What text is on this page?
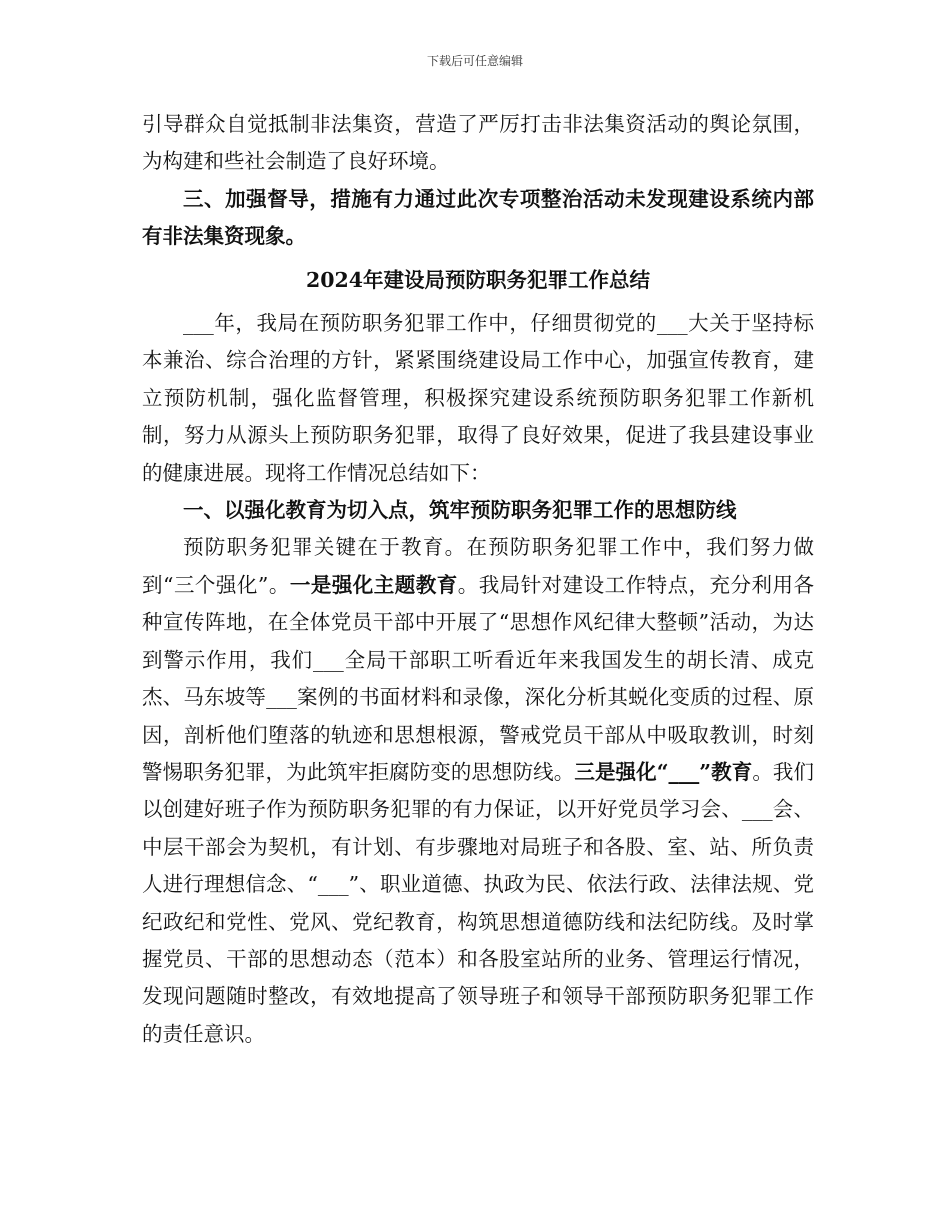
下载后可任意编辑

引导群众自觉抵制非法集资，营造了严厉打击非法集资活动的舆论氛围，为构建和些社会制造了良好环境。

三、加强督导，措施有力通过此次专项整治活动未发现建设系统内部有非法集资现象。

2024年建设局预防职务犯罪工作总结

___年，我局在预防职务犯罪工作中，仔细贯彻党的___大关于坚持标本兼治、综合治理的方针，紧紧围绕建设局工作中心，加强宣传教育，建立预防机制，强化监督管理，积极探究建设系统预防职务犯罪工作新机制，努力从源头上预防职务犯罪，取得了良好效果，促进了我县建设事业的健康进展。现将工作情况总结如下：

一、以强化教育为切入点，筑牢预防职务犯罪工作的思想防线

预防职务犯罪关键在于教育。在预防职务犯罪工作中，我们努力做到“三个强化”。一是强化主题教育。我局针对建设工作特点，充分利用各种宣传阵地，在全体党员干部中开展了“思想作风纪律大整顿”活动，为达到警示作用，我们___全局干部职工听看近年来我国发生的胡长清、成克杰、马东坡等___案例的书面材料和录像，深化分析其蜕化变质的过程、原因，剖析他们堕落的轨迹和思想根源，警戒党员干部从中吸取教训，时刻警惕职务犯罪，为此筑牢拒腐防变的思想防线。三是强化“___”教育。我们以创建好班子作为预防职务犯罪的有力保证，以开好党员学习会、___会、中层干部会为契机，有计划、有步骤地对局班子和各股、室、站、所负责人进行理想信念、“___”、职业道德、执政为民、依法行政、法律法规、党纪政纪和党性、党风、党纪教育，构筑思想道德防线和法纪防线。及时掌握党员、干部的思想动态（范本）和各股室站所的业务、管理运行情况，发现问题随时整改，有效地提高了领导班子和领导干部预防职务犯罪工作的责任意识。
